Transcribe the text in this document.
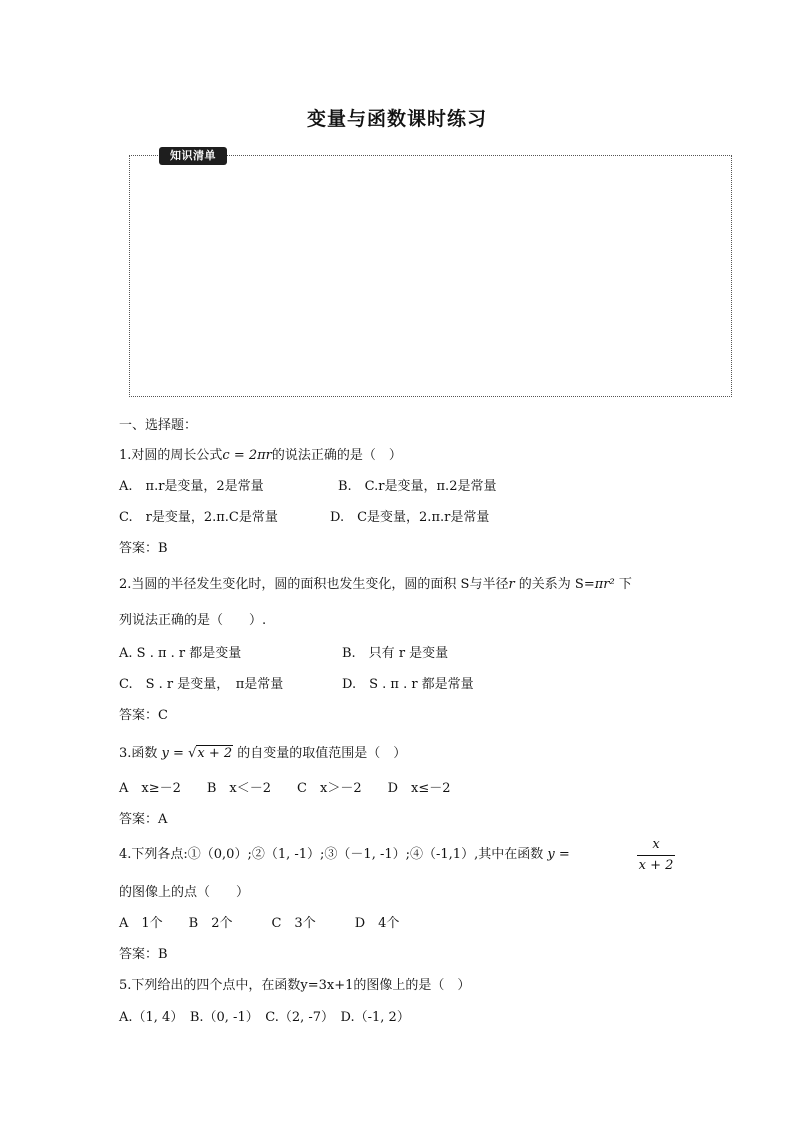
变量与函数课时练习
知识清单
一、选择题：
1.对圆的周长公式c = 2πr的说法正确的是（　）
A.　π.r是变量，2是常量	B.　C.r是变量，π.2是常量
C.　r是变量，2.π.C是常量	D.　C是变量，2.π.r是常量
答案：B
2.当圆的半径发生变化时，圆的面积也发生变化，圆的面积 S与半径r 的关系为 S=πr² 下
列说法正确的是（　　）.
A. S . π . r 都是变量	B.　只有 r 是变量
C.　S . r 是变量，　π是常量	D.　S . π . r 都是常量
答案：C
3.函数 y = √x + 2 的自变量的取值范围是（　）
A　x≥－2　　B　x＜－2　　C　x＞－2　　D　x≤－2
答案：A
4.下列各点:①（0,0）;②（1, -1）;③（－1, -1）;④（-1,1）,其中在函数 y =
x
x + 2
的图像上的点（　　）
A　1个　　B　2个　　　C　3个　　　D　4个
答案：B
5.下列给出的四个点中，在函数y=3x+1的图像上的是（　）
A.（1, 4）　B.（0, -1）　C.（2, -7）　D.（-1, 2）
